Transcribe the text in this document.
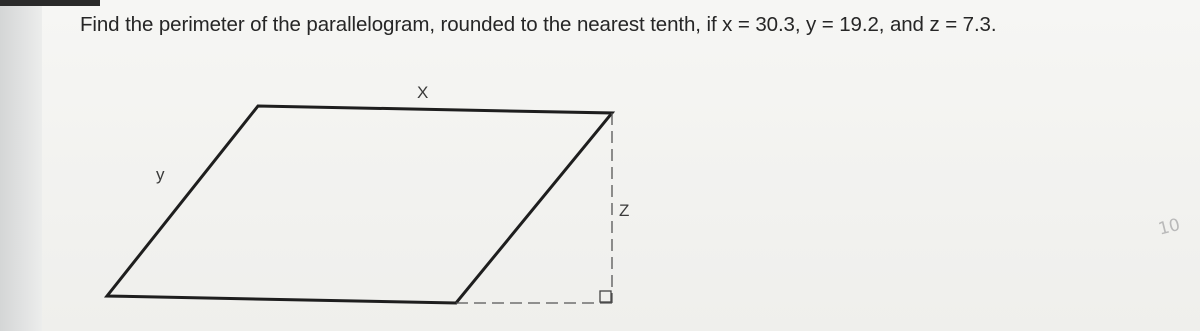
Find the perimeter of the parallelogram, rounded to the nearest tenth, if x = 30.3, y = 19.2, and z = 7.3.
X
y
Z
10
